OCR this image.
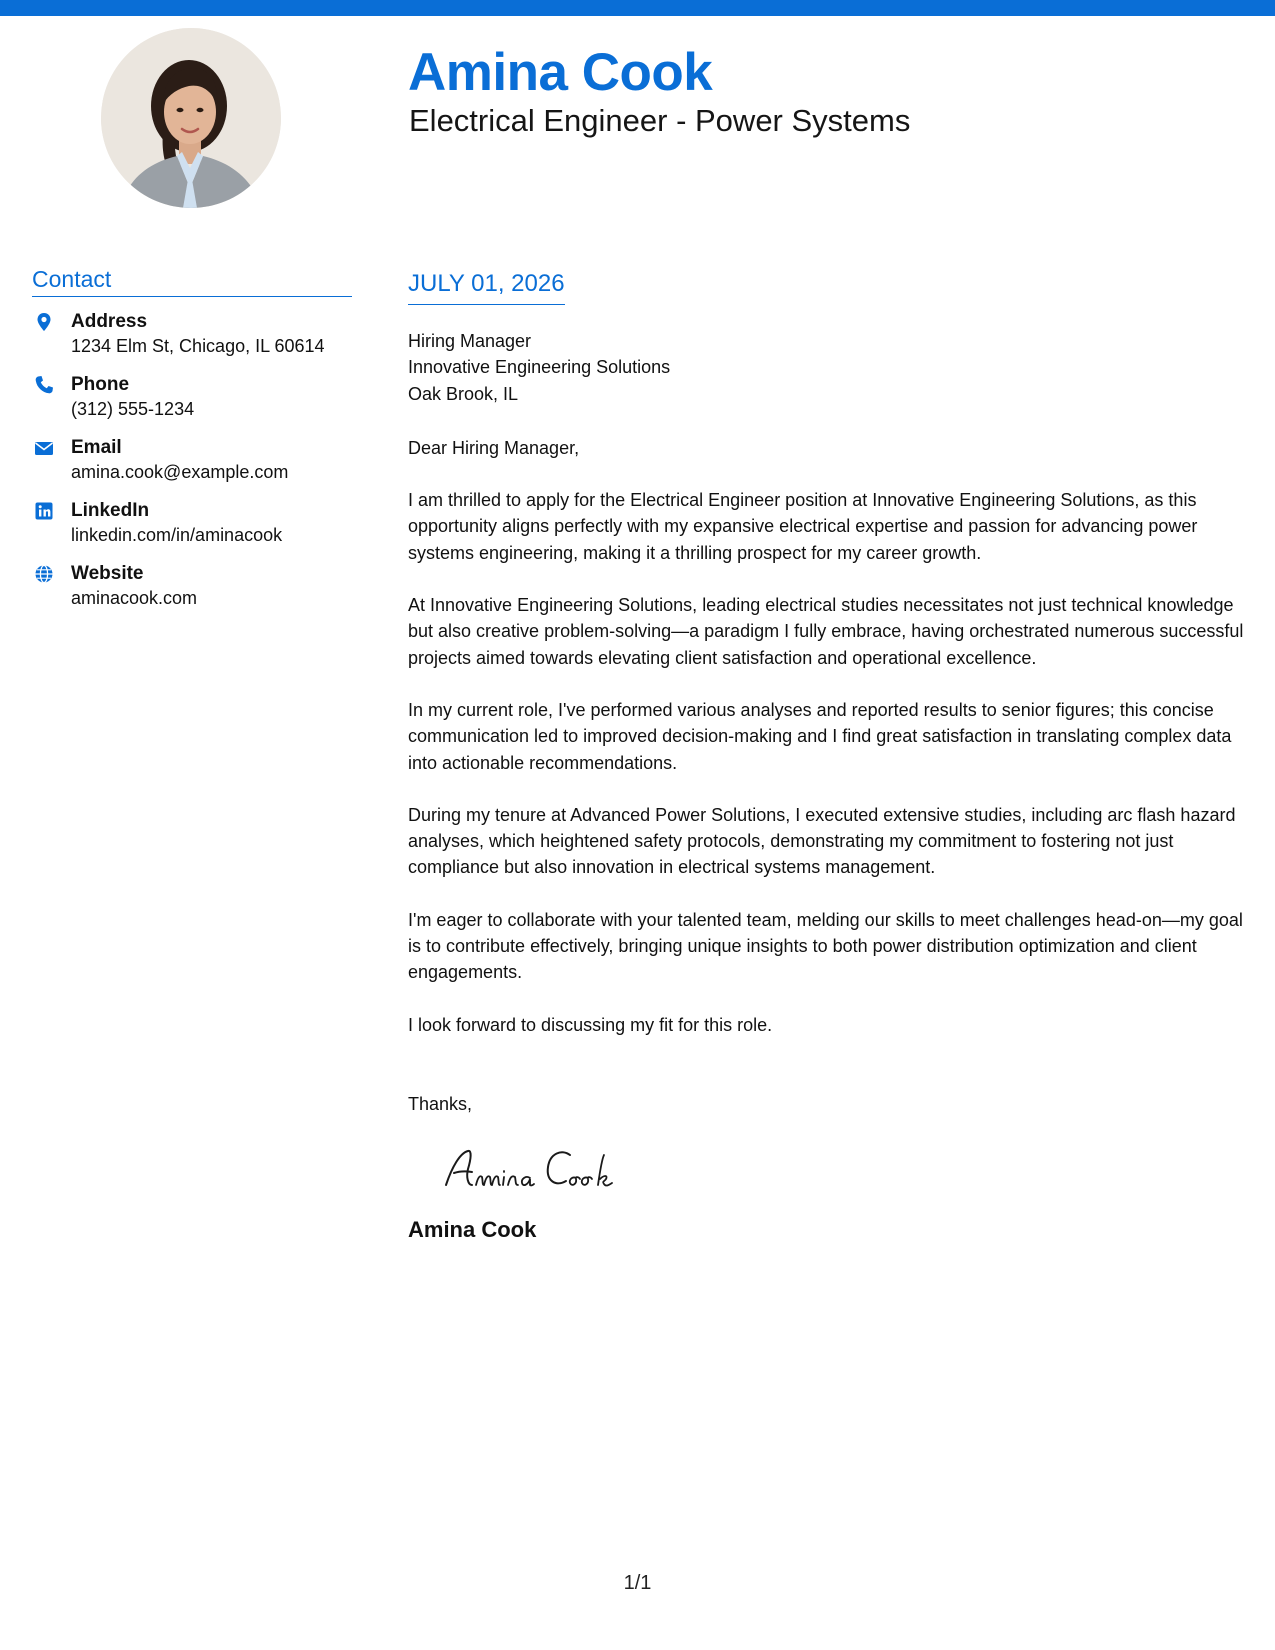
Amina Cook
Electrical Engineer - Power Systems
Contact
Address
1234 Elm St, Chicago, IL 60614
Phone
(312) 555-1234
Email
amina.cook@example.com
LinkedIn
linkedin.com/in/aminacook
Website
aminacook.com
JULY 01, 2026
Hiring Manager
Innovative Engineering Solutions
Oak Brook, IL
Dear Hiring Manager,
I am thrilled to apply for the Electrical Engineer position at Innovative Engineering Solutions, as this opportunity aligns perfectly with my expansive electrical expertise and passion for advancing power systems engineering, making it a thrilling prospect for my career growth.
At Innovative Engineering Solutions, leading electrical studies necessitates not just technical knowledge but also creative problem-solving—a paradigm I fully embrace, having orchestrated numerous successful projects aimed towards elevating client satisfaction and operational excellence.
In my current role, I've performed various analyses and reported results to senior figures; this concise communication led to improved decision-making and I find great satisfaction in translating complex data into actionable recommendations.
During my tenure at Advanced Power Solutions, I executed extensive studies, including arc flash hazard analyses, which heightened safety protocols, demonstrating my commitment to fostering not just compliance but also innovation in electrical systems management.
I'm eager to collaborate with your talented team, melding our skills to meet challenges head-on—my goal is to contribute effectively, bringing unique insights to both power distribution optimization and client engagements.
I look forward to discussing my fit for this role.
Thanks,
Amina Cook
1/1
